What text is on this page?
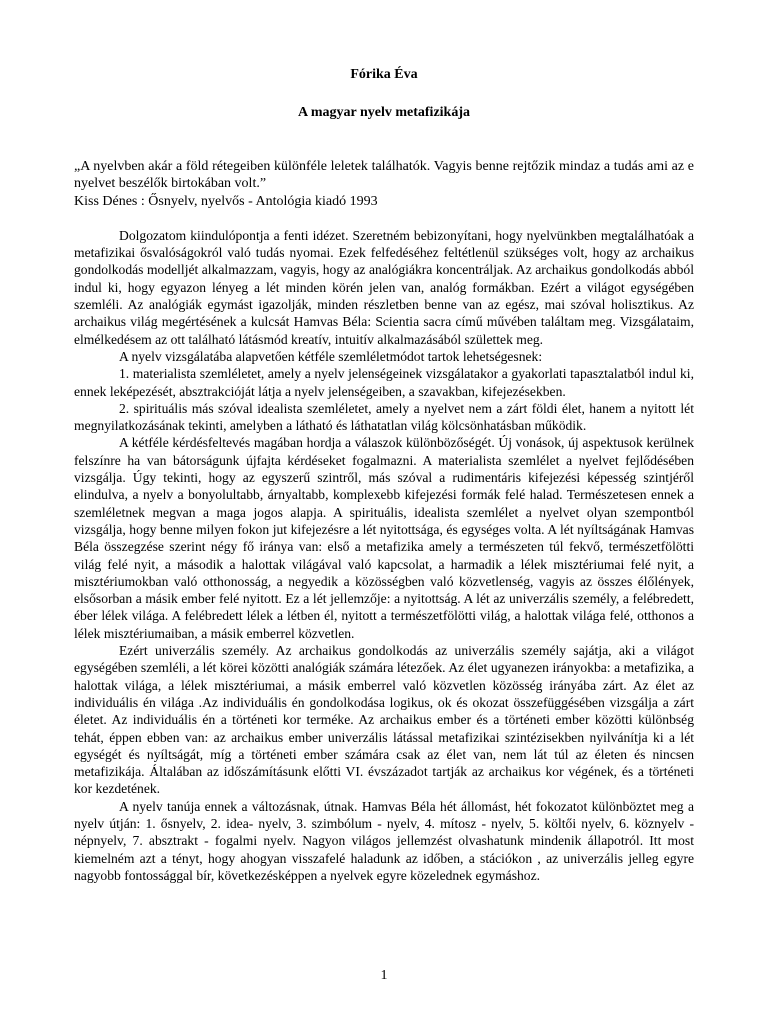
Fórika Éva

A magyar nyelv metafizikája

„A nyelvben akár a föld rétegeiben különféle leletek találhatók. Vagyis benne rejtőzik mindaz a tudás ami az e nyelvet beszélők birtokában volt.”

Kiss Dénes : Ősnyelv, nyelvős - Antológia kiadó 1993

Dolgozatom kiindulópontja a fenti idézet. Szeretném bebizonyítani, hogy nyelvünkben megtalálhatóak a metafizikai ősvalóságokról való tudás nyomai. Ezek felfedéséhez feltétlenül szükséges volt, hogy az archaikus gondolkodás modelljét alkalmazzam, vagyis, hogy az analógiákra koncentráljak. Az archaikus gondolkodás abból indul ki, hogy egyazon lényeg a lét minden körén jelen van, analóg formákban. Ezért a világot egységében szemléli. Az analógiák egymást igazolják, minden részletben benne van az egész, mai szóval holisztikus. Az archaikus világ megértésének a kulcsát Hamvas Béla: Scientia sacra című művében találtam meg. Vizsgálataim, elmélkedésem az ott található látásmód kreatív, intuitív alkalmazásából születtek meg.

A nyelv vizsgálatába alapvetően kétféle szemléletmódot tartok lehetségesnek:

1. materialista szemléletet, amely a nyelv jelenségeinek vizsgálatakor a gyakorlati tapasztalatból indul ki, ennek leképezését, absztrakcióját látja a nyelv jelenségeiben, a szavakban, kifejezésekben.

2. spirituális más szóval idealista szemléletet, amely a nyelvet nem a zárt földi élet, hanem a nyitott lét megnyilatkozásának tekinti, amelyben a látható és láthatatlan világ kölcsönhatásban működik.

A kétféle kérdésfeltevés magában hordja a válaszok különbözőségét. Új vonások, új aspektusok kerülnek felszínre ha van bátorságunk újfajta kérdéseket fogalmazni. A materialista szemlélet a nyelvet fejlődésében vizsgálja. Úgy tekinti, hogy az egyszerű szintről, más szóval a rudimentáris kifejezési képesség szintjéről elindulva, a nyelv a bonyolultabb, árnyaltabb, komplexebb kifejezési formák felé halad. Természetesen ennek a szemléletnek megvan a maga jogos alapja. A spirituális, idealista szemlélet a nyelvet olyan szempontból vizsgálja, hogy benne milyen fokon jut kifejezésre a lét nyitottsága, és egységes volta. A lét nyíltságának Hamvas Béla összegzése szerint négy fő iránya van: első a metafizika amely a természeten túl fekvő, természetfölötti világ felé nyit, a második a halottak világával való kapcsolat, a harmadik a lélek misztériumai felé nyit, a misztériumokban való otthonosság, a negyedik a közösségben való közvetlenség, vagyis az összes élőlények, elsősorban a másik ember felé nyitott. Ez a lét jellemzője: a nyitottság. A lét az univerzális személy, a felébredett, éber lélek világa. A felébredett lélek a létben él, nyitott a természetfölötti világ, a halottak világa felé, otthonos a lélek misztériumaiban, a másik emberrel közvetlen.

Ezért univerzális személy. Az archaikus gondolkodás az univerzális személy sajátja, aki a világot egységében szemléli, a lét körei közötti analógiák számára létezőek. Az élet ugyanezen irányokba: a metafizika, a halottak világa, a lélek misztériumai, a másik emberrel való közvetlen közösség irányába zárt. Az élet az individuális én világa .Az individuális én gondolkodása logikus, ok és okozat összefüggésében vizsgálja a zárt életet. Az individuális én a történeti kor terméke. Az archaikus ember és a történeti ember közötti különbség tehát, éppen ebben van: az archaikus ember univerzális látással metafizikai szintézisekben nyilvánítja ki a lét egységét és nyíltságát, míg a történeti ember számára csak az élet van, nem lát túl az életen és nincsen metafizikája. Általában az időszámításunk előtti VI. évszázadot tartják az archaikus kor végének, és a történeti kor kezdetének.

A nyelv tanúja ennek a változásnak, útnak. Hamvas Béla hét állomást, hét fokozatot különböztet meg a nyelv útján: 1. ősnyelv, 2. idea- nyelv, 3. szimbólum - nyelv, 4. mítosz - nyelv, 5. költői nyelv, 6. köznyelv - népnyelv, 7. absztrakt - fogalmi nyelv. Nagyon világos jellemzést olvashatunk mindenik állapotról. Itt most kiemelném azt a tényt, hogy ahogyan visszafelé haladunk az időben, a stációkon , az univerzális jelleg egyre nagyobb fontossággal bír, következésképpen a nyelvek egyre közelednek egymáshoz.

1
